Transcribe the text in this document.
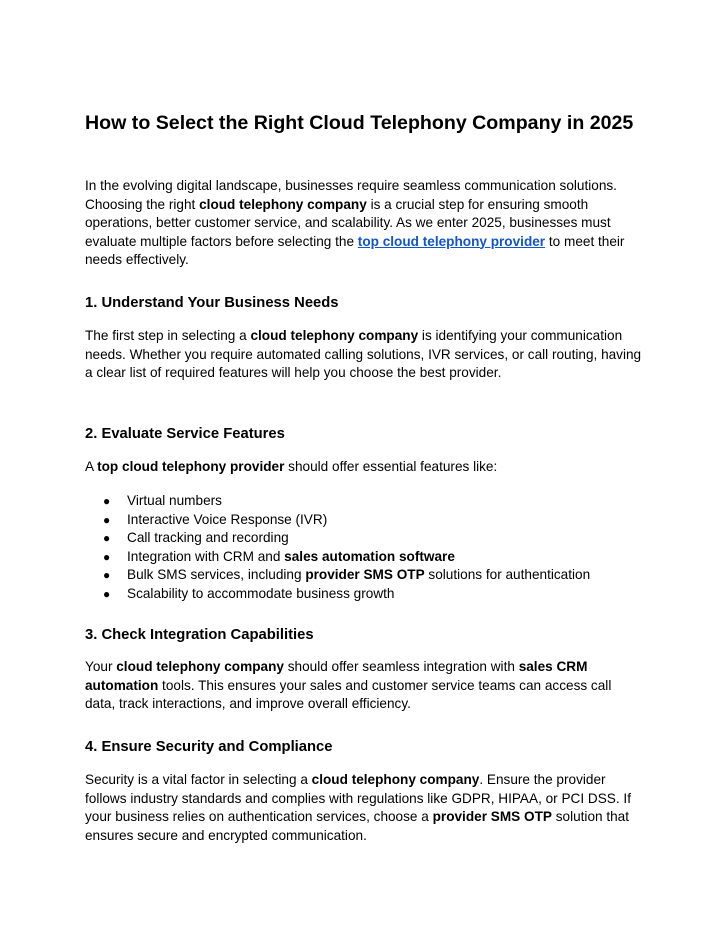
How to Select the Right Cloud Telephony Company in 2025

In the evolving digital landscape, businesses require seamless communication solutions. Choosing the right cloud telephony company is a crucial step for ensuring smooth operations, better customer service, and scalability. As we enter 2025, businesses must evaluate multiple factors before selecting the top cloud telephony provider to meet their needs effectively.

1. Understand Your Business Needs

The first step in selecting a cloud telephony company is identifying your communication needs. Whether you require automated calling solutions, IVR services, or call routing, having a clear list of required features will help you choose the best provider.

2. Evaluate Service Features

A top cloud telephony provider should offer essential features like:

● Virtual numbers
● Interactive Voice Response (IVR)
● Call tracking and recording
● Integration with CRM and sales automation software
● Bulk SMS services, including provider SMS OTP solutions for authentication
● Scalability to accommodate business growth
3. Check Integration Capabilities

Your cloud telephony company should offer seamless integration with sales CRM automation tools. This ensures your sales and customer service teams can access call data, track interactions, and improve overall efficiency.

4. Ensure Security and Compliance

Security is a vital factor in selecting a cloud telephony company. Ensure the provider follows industry standards and complies with regulations like GDPR, HIPAA, or PCI DSS. If your business relies on authentication services, choose a provider SMS OTP solution that ensures secure and encrypted communication.
